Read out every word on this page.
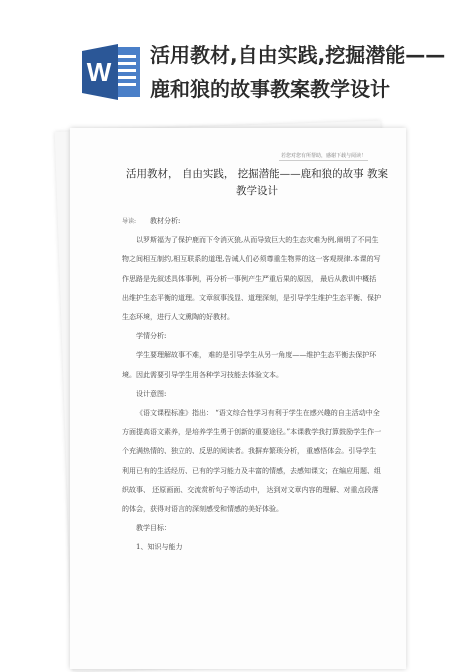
W
活用教材,自由实践,挖掘潜能——鹿和狼的故事教案教学设计
若您对您有所帮助，感谢下载与阅读！
活用教材， 自由实践， 挖掘潜能——鹿和狼的故事 教案教学设计

导读: 教材分析:

以罗斯福为了保护鹿而下令消灭狼,从而导致巨大的生态灾难为例,阐明了不同生物之间相互制约,相互联系的道理,告诫人们必须尊重生物界的这一客观规律.本课的写作思路是先叙述具体事例，再分析一事例产生严重后果的原因， 最后从教训中概括出维护生态平衡的道理。文章叙事浅显、道理深刻，是引导学生维护生态平衡、保护生态环境，进行人文熏陶的好教材。

学情分析:

学生要理解故事不难， 难的是引导学生从另一角度——维护生态平衡去保护环境。因此需要引导学生用各种学习技能去体验文本。

设计意图:

《语文课程标准》指出： “语文综合性学习有利于学生在感兴趣的自主活动中全方面提高语文素养，是培养学生勇于创新的重要途径。”本课教学我打算鼓励学生作一个充满热情的、独立的、反思的阅读者。我摒弃繁琐分析， 重感悟体会。引导学生利用已有的生活经历、已有的学习能力及丰富的情感，去感知课文；在编应用题、组织故事、 还原画面、交流赏析句子等活动中， 达到对文章内容的理解、对重点段落的体会，获得对语言的深刻感受和情感的美好体验。

教学目标：

1、知识与能力
